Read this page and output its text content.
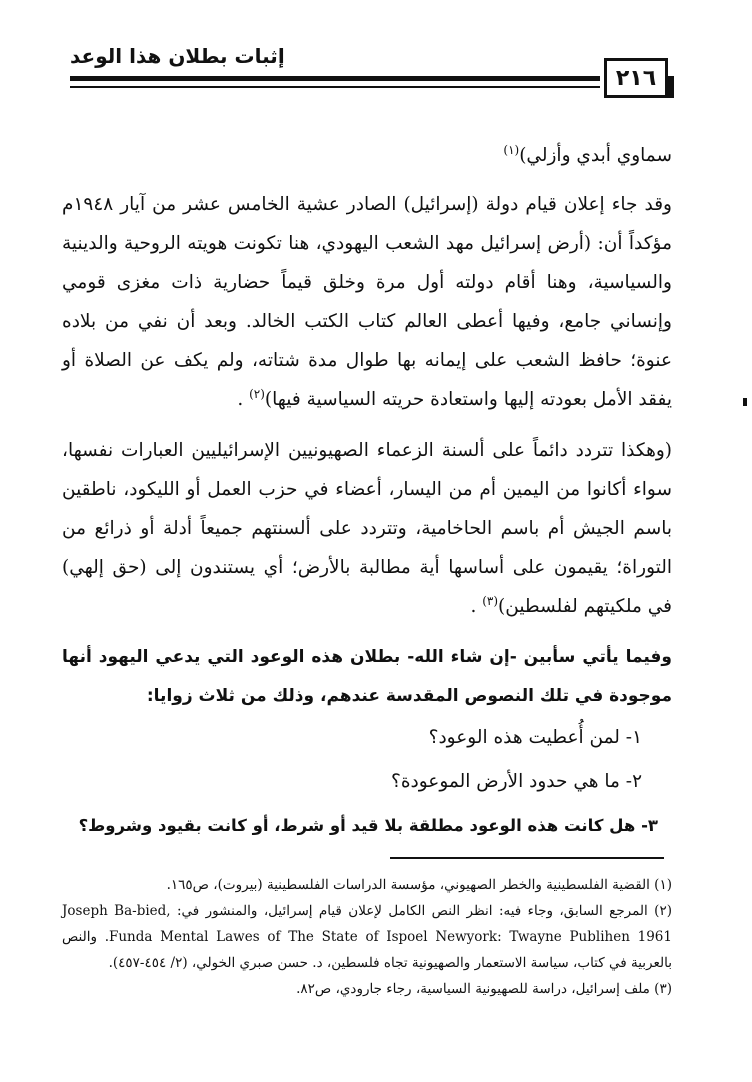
إثبات بطلان هذا الوعد
٢١٦

سماوي أبدي وأزلي)$^{(١)}$

وقد جاء إعلان قيام دولة (إسرائيل) الصادر عشية الخامس عشر من آيار ١٩٤٨م مؤكداً أن: (أرض إسرائيل مهد الشعب اليهودي، هنا تكونت هويته الروحية والدينية والسياسية، وهنا أقام دولته أول مرة وخلق قيماً حضارية ذات مغزى قومي وإنساني جامع، وفيها أعطى العالم كتاب الكتب الخالد. وبعد أن نفي من بلاده عنوة؛ حافظ الشعب على إيمانه بها طوال مدة شتاته، ولم يكف عن الصلاة أو يفقد الأمل بعودته إليها واستعادة حريته السياسية فيها)$^{(٢)}$ .

(وهكذا تتردد دائماً على ألسنة الزعماء الصهيونيين الإسرائيليين العبارات نفسها، سواء أكانوا من اليمين أم من اليسار، أعضاء في حزب العمل أو الليكود، ناطقين باسم الجيش أم باسم الحاخامية، وتتردد على ألسنتهم جميعاً أدلة أو ذرائع من التوراة؛ يقيمون على أساسها أية مطالبة بالأرض؛ أي يستندون إلى (حق إلهي) في ملكيتهم لفلسطين)$^{(٣)}$ .

وفيما يأتي سأبين -إن شاء الله- بطلان هذه الوعود التي يدعي اليهود أنها موجودة في تلك النصوص المقدسة عندهم، وذلك من ثلاث زوايا:

١- لمن أُعطيت هذه الوعود؟

٢- ما هي حدود الأرض الموعودة؟

٣- هل كانت هذه الوعود مطلقة بلا قيد أو شرط، أو كانت بقيود وشروط؟

(١) القضية الفلسطينية والخطر الصهيوني، مؤسسة الدراسات الفلسطينية (بيروت)، ص١٦٥.

(٢) المرجع السابق، وجاء فيه: انظر النص الكامل لإعلان قيام إسرائيل، والمنشور في: Joseph Ba-bied, Funda Mental Lawes of The State of Ispoel Newyork: Twayne Publihen 1961. والنص بالعربية في كتاب، سياسة الاستعمار والصهيونية تجاه فلسطين، د. حسن صبري الخولي، (٢/ ٤٥٤-٤٥٧).

(٣) ملف إسرائيل، دراسة للصهيونية السياسية، رجاء جارودي، ص٨٢.
